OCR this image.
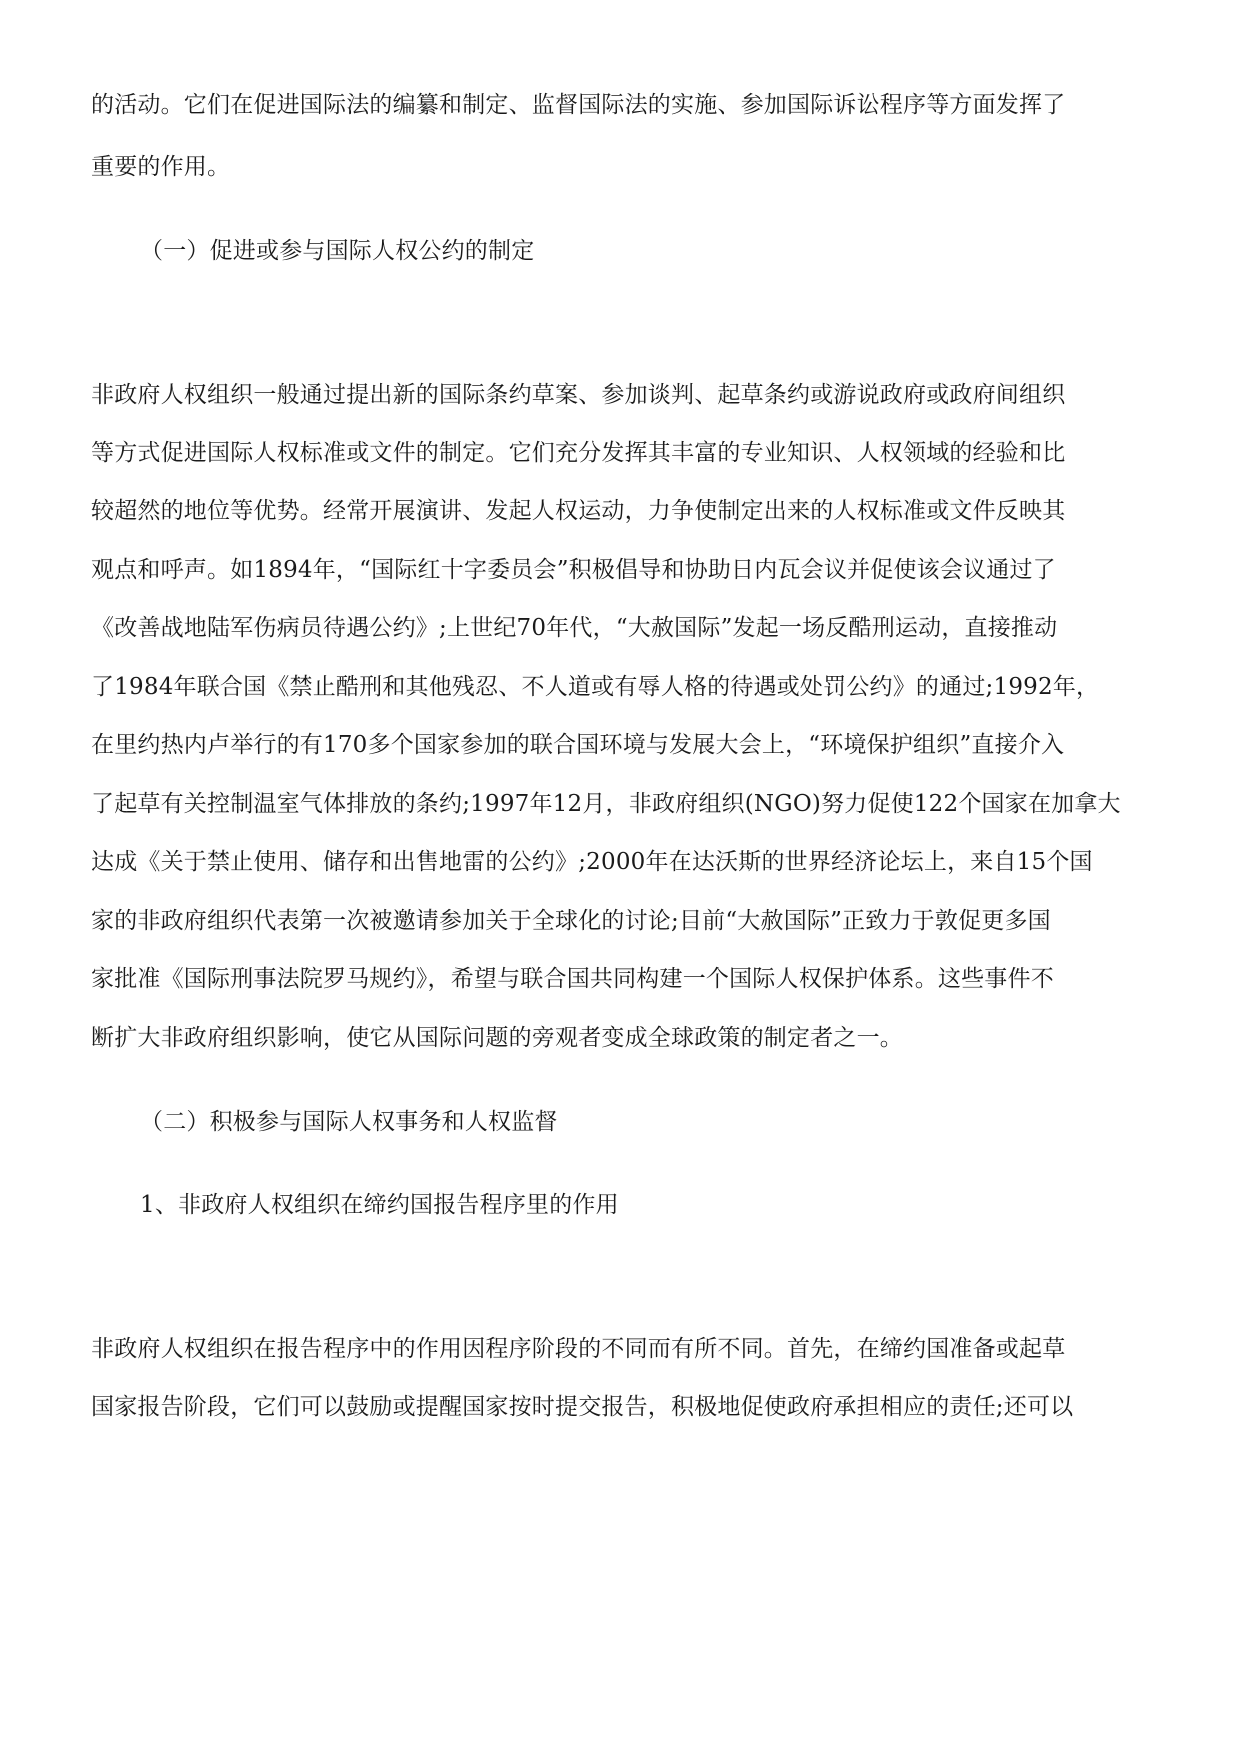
的活动。它们在促进国际法的编纂和制定、监督国际法的实施、参加国际诉讼程序等方面发挥了
重要的作用。
（一）促进或参与国际人权公约的制定
非政府人权组织一般通过提出新的国际条约草案、参加谈判、起草条约或游说政府或政府间组织
等方式促进国际人权标准或文件的制定。它们充分发挥其丰富的专业知识、人权领域的经验和比
较超然的地位等优势。经常开展演讲、发起人权运动，力争使制定出来的人权标准或文件反映其
观点和呼声。如1894年，“国际红十字委员会”积极倡导和协助日内瓦会议并促使该会议通过了
《改善战地陆军伤病员待遇公约》;上世纪70年代，“大赦国际”发起一场反酷刑运动，直接推动
了1984年联合国《禁止酷刑和其他残忍、不人道或有辱人格的待遇或处罚公约》的通过;1992年，
在里约热内卢举行的有170多个国家参加的联合国环境与发展大会上，“环境保护组织”直接介入
了起草有关控制温室气体排放的条约;1997年12月，非政府组织(NGO)努力促使122个国家在加拿大
达成《关于禁止使用、储存和出售地雷的公约》;2000年在达沃斯的世界经济论坛上，来自15个国
家的非政府组织代表第一次被邀请参加关于全球化的讨论;目前“大赦国际”正致力于敦促更多国
家批准《国际刑事法院罗马规约》，希望与联合国共同构建一个国际人权保护体系。这些事件不
断扩大非政府组织影响，使它从国际问题的旁观者变成全球政策的制定者之一。
（二）积极参与国际人权事务和人权监督
1、非政府人权组织在缔约国报告程序里的作用
非政府人权组织在报告程序中的作用因程序阶段的不同而有所不同。首先，在缔约国准备或起草
国家报告阶段，它们可以鼓励或提醒国家按时提交报告，积极地促使政府承担相应的责任;还可以
